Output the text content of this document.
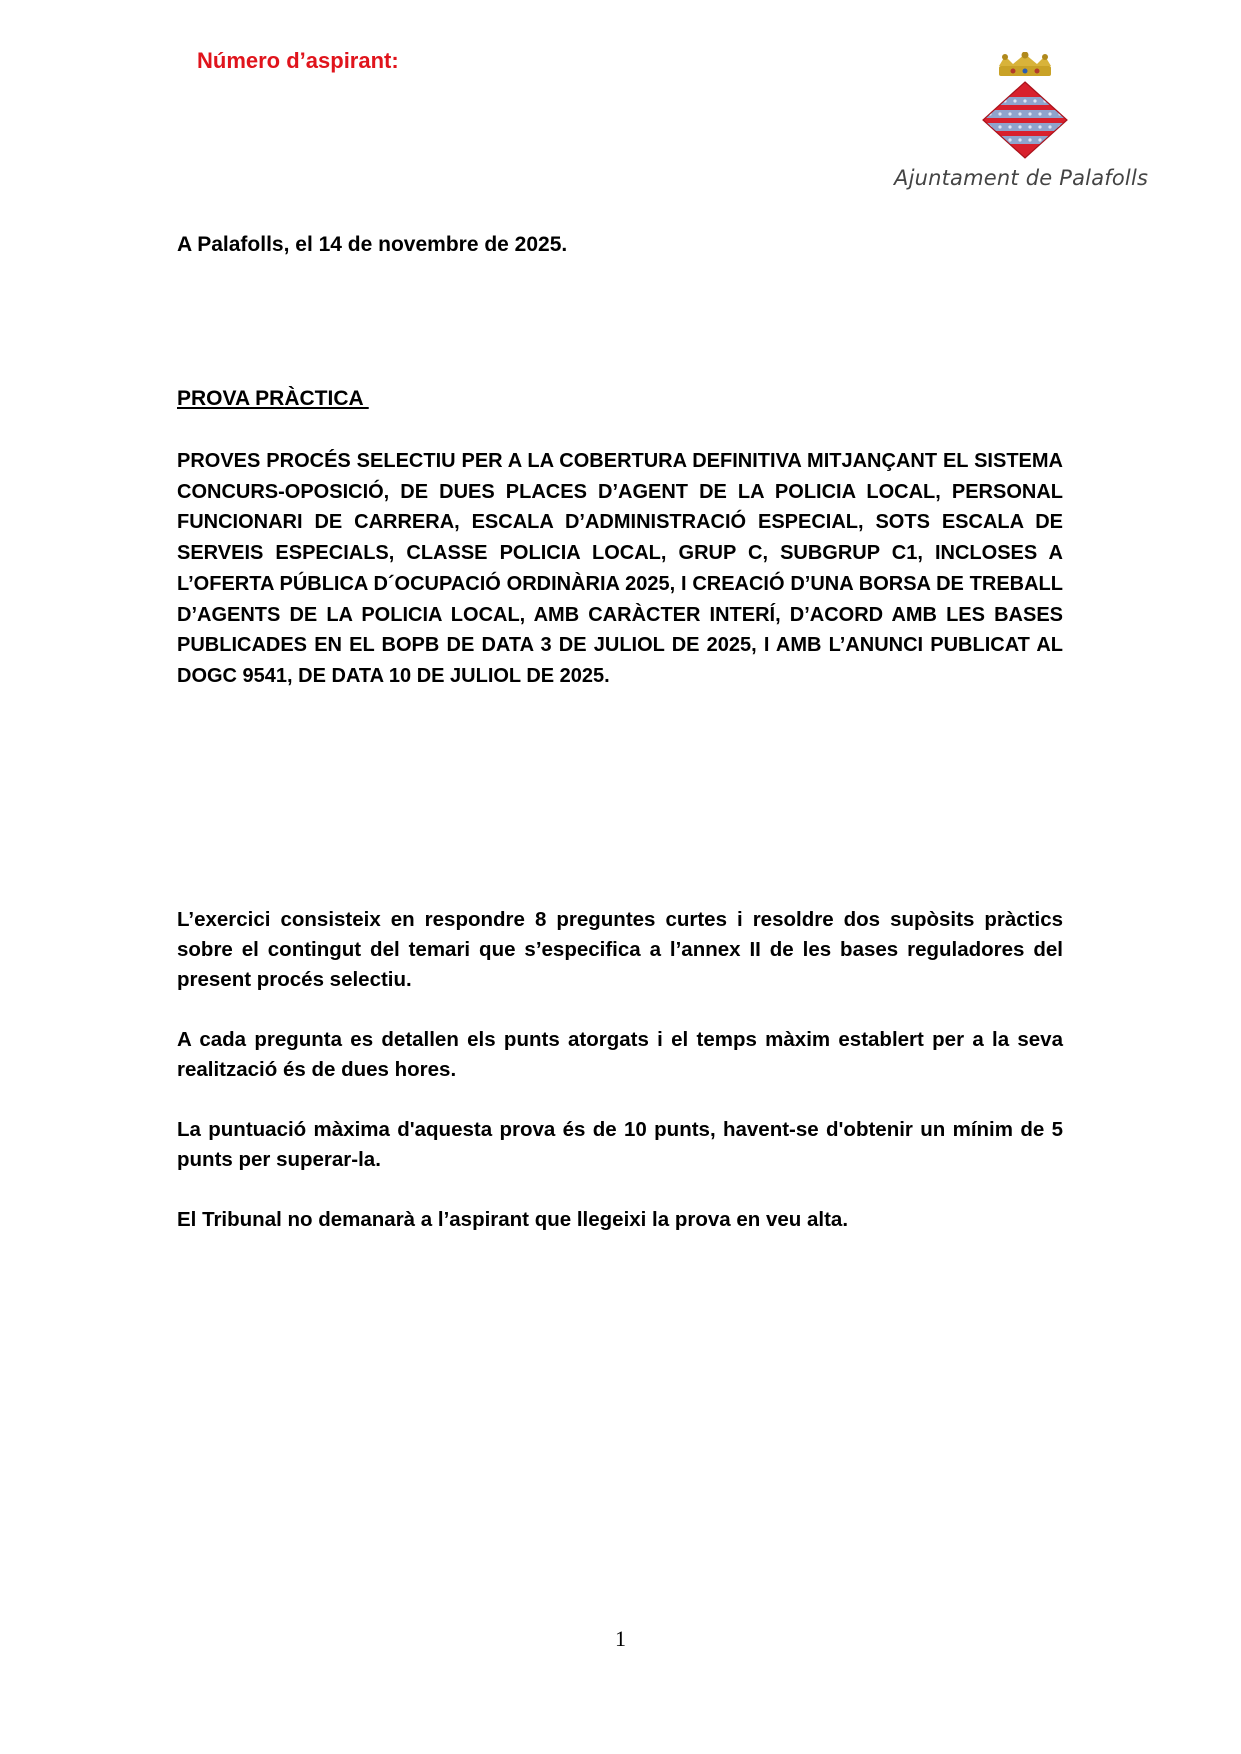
Número d’aspirant:

Ajuntament de Palafolls

A Palafolls, el 14 de novembre de 2025.

PROVA PRÀCTICA

PROVES PROCÉS SELECTIU PER A LA COBERTURA DEFINITIVA MITJANÇANT EL SISTEMA CONCURS-OPOSICIÓ, DE DUES PLACES D’AGENT DE LA POLICIA LOCAL, PERSONAL FUNCIONARI DE CARRERA, ESCALA D’ADMINISTRACIÓ ESPECIAL, SOTS ESCALA DE SERVEIS ESPECIALS, CLASSE POLICIA LOCAL, GRUP C, SUBGRUP C1, INCLOSES A L’OFERTA PÚBLICA D´OCUPACIÓ ORDINÀRIA 2025, I CREACIÓ D’UNA BORSA DE TREBALL D’AGENTS DE LA POLICIA LOCAL, AMB CARÀCTER INTERÍ, D’ACORD AMB LES BASES PUBLICADES EN EL BOPB DE DATA 3 DE JULIOL DE 2025, I AMB L’ANUNCI PUBLICAT AL DOGC 9541, DE DATA 10 DE JULIOL DE 2025.

L’exercici consisteix en respondre 8 preguntes curtes i resoldre dos supòsits pràctics sobre el contingut del temari que s’especifica a l’annex II de les bases reguladores del present procés selectiu.

A cada pregunta es detallen els punts atorgats i el temps màxim establert per a la seva realització és de dues hores.

La puntuació màxima d'aquesta prova és de 10 punts, havent-se d'obtenir un mínim de 5 punts per superar-la.

El Tribunal no demanarà a l’aspirant que llegeixi la prova en veu alta.

1
